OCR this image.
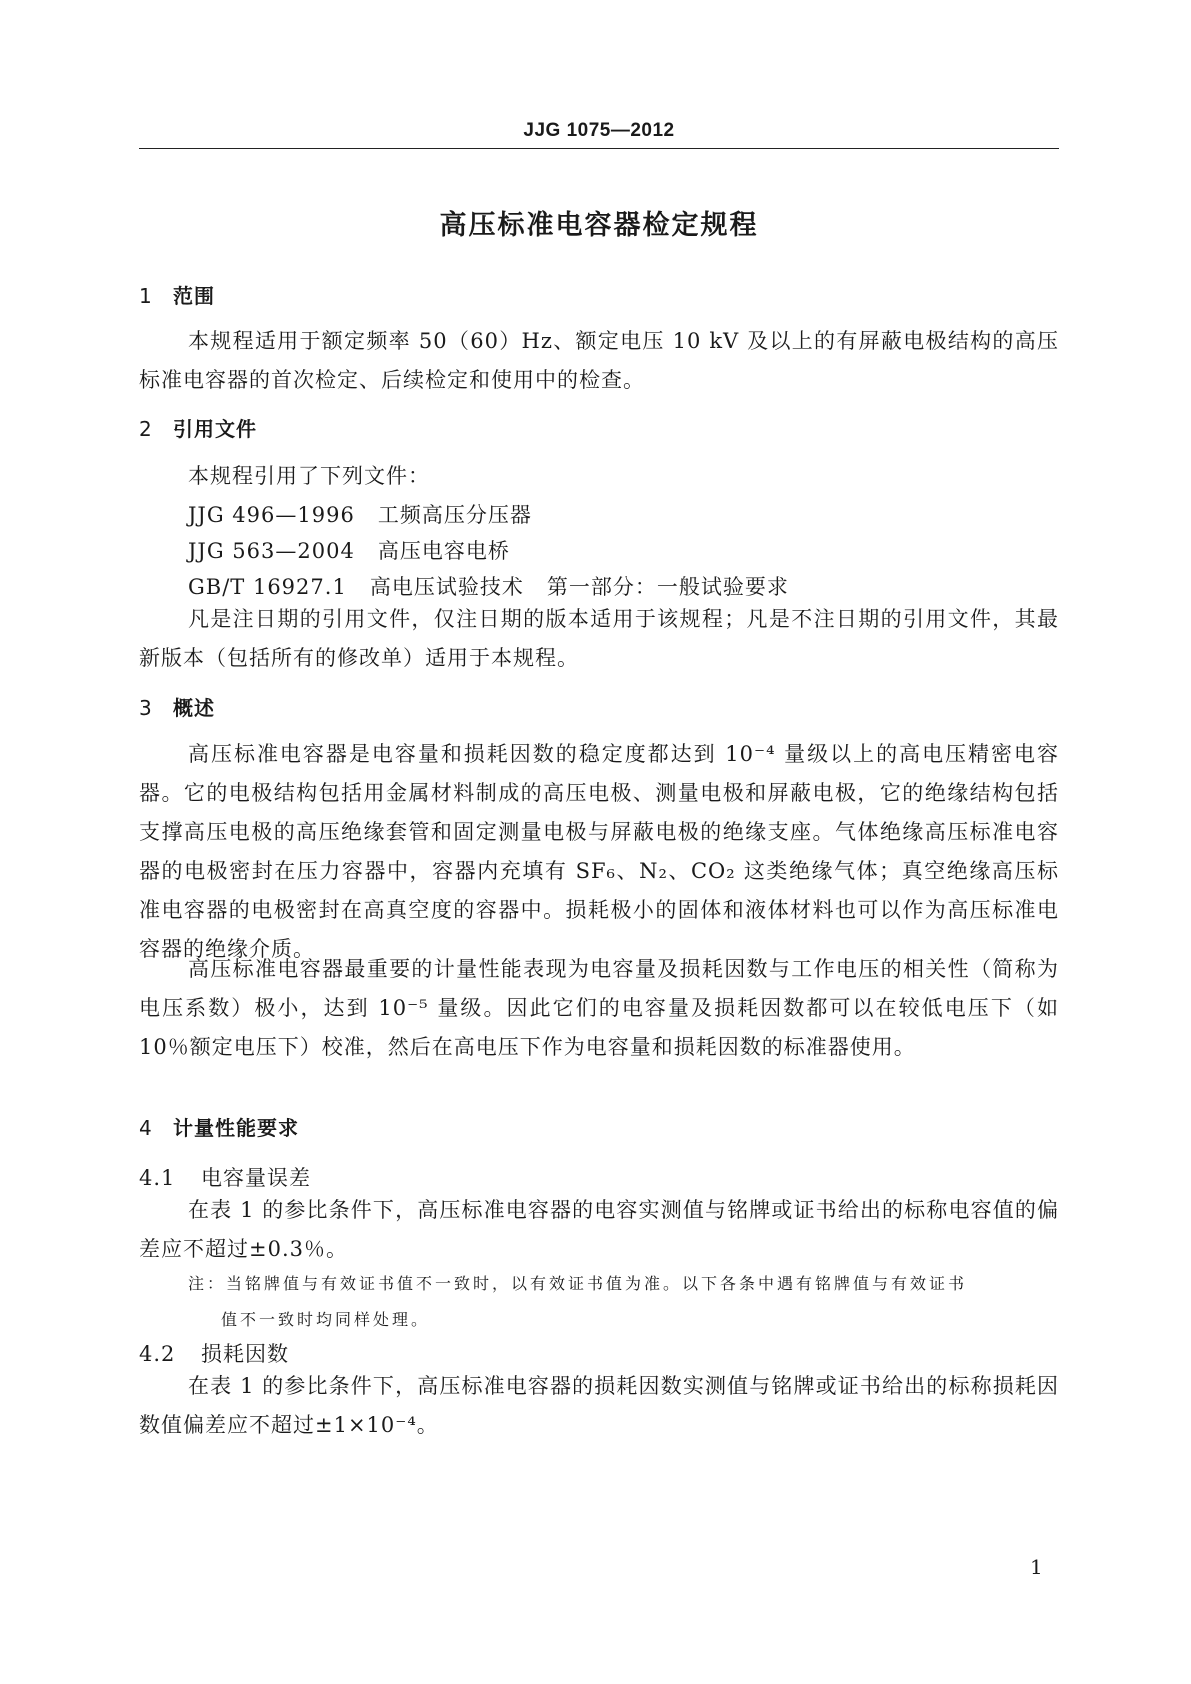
JJG 1075—2012
高压标准电容器检定规程
1 范围
本规程适用于额定频率 50（60）Hz、额定电压 10 kV 及以上的有屏蔽电极结构的高压标准电容器的首次检定、后续检定和使用中的检查。
2 引用文件
本规程引用了下列文件：
JJG 496—1996   工频高压分压器
JJG 563—2004   高压电容电桥
GB/T 16927.1   高电压试验技术   第一部分：一般试验要求
凡是注日期的引用文件，仅注日期的版本适用于该规程；凡是不注日期的引用文件，其最新版本（包括所有的修改单）适用于本规程。
3 概述
高压标准电容器是电容量和损耗因数的稳定度都达到 10⁻⁴ 量级以上的高电压精密电容器。它的电极结构包括用金属材料制成的高压电极、测量电极和屏蔽电极，它的绝缘结构包括支撑高压电极的高压绝缘套管和固定测量电极与屏蔽电极的绝缘支座。气体绝缘高压标准电容器的电极密封在压力容器中，容器内充填有 SF₆、N₂、CO₂ 这类绝缘气体；真空绝缘高压标准电容器的电极密封在高真空度的容器中。损耗极小的固体和液体材料也可以作为高压标准电容器的绝缘介质。
高压标准电容器最重要的计量性能表现为电容量及损耗因数与工作电压的相关性（简称为电压系数）极小，达到 10⁻⁵ 量级。因此它们的电容量及损耗因数都可以在较低电压下（如 10％额定电压下）校准，然后在高电压下作为电容量和损耗因数的标准器使用。
4 计量性能要求
4.1 电容量误差
在表 1 的参比条件下，高压标准电容器的电容实测值与铭牌或证书给出的标称电容值的偏差应不超过±0.3％。
注：当铭牌值与有效证书值不一致时，以有效证书值为准。以下各条中遇有铭牌值与有效证书
值不一致时均同样处理。
4.2 损耗因数
在表 1 的参比条件下，高压标准电容器的损耗因数实测值与铭牌或证书给出的标称损耗因数值偏差应不超过±1×10⁻⁴。
1
